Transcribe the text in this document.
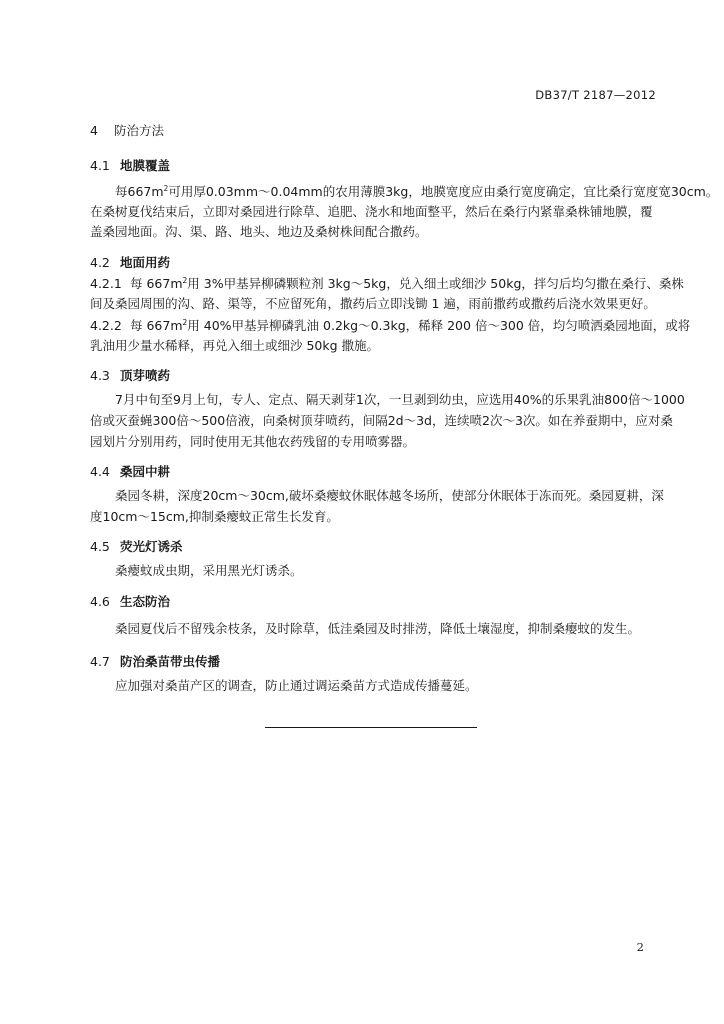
DB37/T 2187—2012
4 防治方法
4.1 地膜覆盖
每$667m^2$可用厚0.03mm～0.04mm的农用薄膜3kg，地膜宽度应由桑行宽度确定，宜比桑行宽度宽30cm。
在桑树夏伐结束后，立即对桑园进行除草、追肥、浇水和地面整平，然后在桑行内紧靠桑株铺地膜，覆
盖桑园地面。沟、渠、路、地头、地边及桑树株间配合撒药。
4.2 地面用药
4.2.1 每 $667m^2$用 3%甲基异柳磷颗粒剂 3kg～5kg，兑入细土或细沙 50kg，拌匀后均匀撒在桑行、桑株
间及桑园周围的沟、路、渠等，不应留死角，撒药后立即浅锄 1 遍，雨前撒药或撒药后浇水效果更好。
4.2.2 每 $667m^2$用 40%甲基异柳磷乳油 0.2kg～0.3kg，稀释 200 倍～300 倍，均匀喷洒桑园地面，或将
乳油用少量水稀释，再兑入细土或细沙 50kg 撒施。
4.3 顶芽喷药
7月中旬至9月上旬，专人、定点、隔天剥芽1次，一旦剥到幼虫，应选用40%的乐果乳油800倍～1000
倍或灭蚕蝇300倍～500倍液，向桑树顶芽喷药，间隔2d～3d，连续喷2次～3次。如在养蚕期中，应对桑
园划片分别用药，同时使用无其他农药残留的专用喷雾器。
4.4 桑园中耕
桑园冬耕，深度20cm～30cm,破坏桑瘿蚊休眠体越冬场所，使部分休眠体于冻而死。桑园夏耕，深
度10cm～15cm,抑制桑瘿蚊正常生长发育。
4.5 荧光灯诱杀
桑瘿蚊成虫期，采用黑光灯诱杀。
4.6 生态防治
桑园夏伐后不留残余枝条，及时除草，低洼桑园及时排涝，降低土壤湿度，抑制桑瘿蚊的发生。
4.7 防治桑苗带虫传播
应加强对桑苗产区的调查，防止通过调运桑苗方式造成传播蔓延。
2
